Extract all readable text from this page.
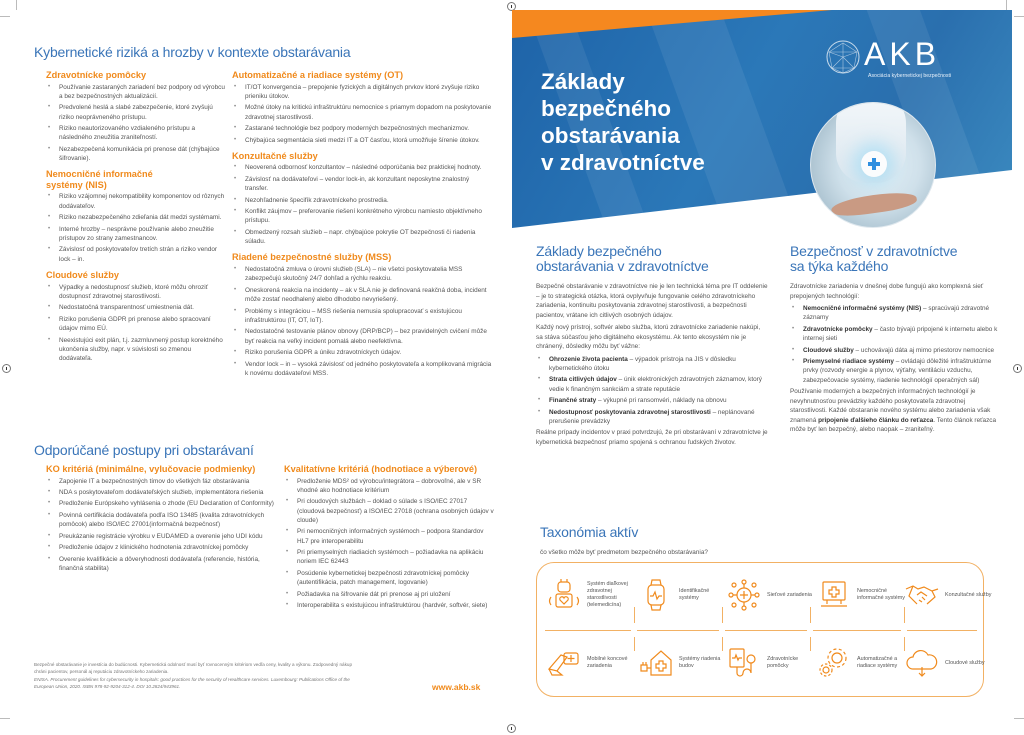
Kybernetické riziká a hrozby v kontexte obstarávania
Zdravotnícke pomôcky
• Používanie zastaraných zariadení bez podpory od výrobcu a bez bezpečnostných aktualizácií.
• Predvolené heslá a slabé zabezpečenie, ktoré zvyšujú riziko neoprávneného prístupu.
• Riziko neautorizovaného vzdialeného prístupu a následného zneužitia zraniteľností.
• Nezabezpečená komunikácia pri prenose dát (chýbajúce šifrovanie).
Nemocničné informačné systémy (NIS)
• Riziko vzájomnej nekompatibility komponentov od rôznych dodávateľov.
• Riziko nezabezpečeného zdieľania dát medzi systémami.
• Interné hrozby – nesprávne používanie alebo zneužitie prístupov zo strany zamestnancov.
• Závislosť od poskytovateľov tretích strán a riziko vendor lock – in.
Cloudové služby
• Výpadky a nedostupnosť služieb, ktoré môžu ohroziť dostupnosť zdravotnej starostlivosti.
• Nedostatočná transparentnosť umiestnenia dát.
• Riziko porušenia GDPR pri prenose alebo spracovaní údajov mimo EÚ.
• Neexistujúci exit plán, t.j. zazmluvnený postup korektného ukončenia služby, napr. v súvislosti so zmenou dodávateľa.
Automatizačné a riadiace systémy (OT)
• IT/OT konvergencia – prepojenie fyzických a digitálnych prvkov ktoré zvyšuje riziko prieniku útokov.
• Možné útoky na kritickú infraštruktúru nemocnice s priamym dopadom na poskytovanie zdravotnej starostlivosti.
• Zastarané technológie bez podpory moderných bezpečnostných mechanizmov.
• Chýbajúca segmentácia sieti medzi IT a OT časťou, ktorá umožňuje šírenie útokov.
Konzultačné služby
• Neoverená odbornosť konzultantov – následné odporúčania bez praktickej hodnoty.
• Závislosť na dodávateľovi – vendor lock-in, ak konzultant neposkytne znalostný transfer.
• Nezohľadnenie špecifík zdravotníckeho prostredia.
• Konflikt záujmov – preferovanie riešení konkrétneho výrobcu namiesto objektívneho prístupu.
• Obmedzený rozsah služieb – napr. chýbajúce pokrytie OT bezpečnosti či riadenia súladu.
Riadené bezpečnostné služby (MSS)
• Nedostatočná zmluva o úrovni služieb (SLA) – nie všetci poskytovatelia MSS zabezpečujú skutočný 24/7 dohľad a rýchlu reakciu.
• Oneskorená reakcia na incidenty – ak v SLA nie je definovaná reakčná doba, incident môže zostať neodhalený alebo dlhodobo nevyriešený.
• Problémy s integráciou – MSS riešenia nemusia spolupracovať s existujúcou infraštruktúrou (IT, OT, IoT).
• Nedostatočné testovanie plánov obnovy (DRP/BCP) – bez pravidelných cvičení môže byť reakcia na veľký incident pomalá alebo neefektívna.
• Riziko porušenia GDPR a úniku zdravotníckych údajov.
• Vendor lock – in – vysoká závislosť od jedného poskytovateľa a komplikovaná migrácia k novému dodávateľovi MSS.
Odporúčané postupy pri obstarávaní
KO kritériá (minimálne, vylučovacie podmienky)
• Zapojenie IT a bezpečnostných tímov do všetkých fáz obstarávania
• NDA s poskytovateľom dodávateľských služieb, implementátora riešenia
• Predloženie Európskeho vyhlásenia o zhode (EU Declaration of Conformity)
• Povinná certifikácia dodávateľa podľa ISO 13485 (kvalita zdravotníckych pomôcok) alebo ISO/IEC 27001(informačná bezpečnosť)
• Preukázanie registrácie výrobku v EUDAMED a overenie jeho UDI kódu
• Predloženie údajov z klinického hodnotenia zdravotníckej pomôcky
• Overenie kvalifikácie a dôveryhodnosti dodávateľa (referencie, história, finančná stabilita)
Kvalitatívne kritériá (hodnotiace a výberové)
• Predloženie MDS² od výrobcu/integrátora – dobrovoľné, ale v SR vhodné ako hodnotiace kritérium
• Pri cloudových službách – doklad o súlade s ISO/IEC 27017 (cloudová bezpečnosť) a ISO/IEC 27018 (ochrana osobných údajov v cloude)
• Pri nemocničných informačných systémoch – podpora štandardov HL7 pre interoperabilitu
• Pri priemyselných riadiacich systémoch – požiadavka na aplikáciu noriem IEC 62443
• Posúdenie kybernetickej bezpečnosti zdravotníckej pomôcky (autentifikácia, patch management, logovanie)
• Požiadavka na šifrovanie dát pri prenose aj pri uložení
• Interoperabilita s existujúcou infraštruktúrou (hardvér, softvér, siete)

Bezpečné obstarávanie je investícia do budúcnosti. Kybernetická odolnosť musí byť rovnocenným kritériom vedľa ceny, kvality a výkonu. Zodpovedný nákup chráni pacientov, personál aj reputáciu zdravotníckeho zariadenia.

ENISA. Procurement guidelines for cybersecurity in hospitals: good practices for the security of Healthcare services. Luxembourg: Publications Office of the European Union, 2020. ISBN 978-92-9204-312-4. DOI 10.2824/943961.	www.akb.sk
Základy
bezpečného
obstarávania
v zdravotníctve
AKB
Asociácia kybernetickej bezpečnosti
Základy bezpečného
obstarávania v zdravotníctve

Bezpečné obstarávanie v zdravotníctve nie je len technická téma pre IT oddelenie – je to strategická otázka, ktorá ovplyvňuje fungovanie celého zdravotníckeho zariadenia, kontinuitu poskytovania zdravotnej starostlivosti, a bezpečnosti pacientov, vrátane ich citlivých osobných údajov.

Každý nový prístroj, softvér alebo služba, ktorú zdravotnícke zariadenie nakúpi, sa stáva súčasťou jeho digitálneho ekosystému. Ak tento ekosystém nie je chránený, dôsledky môžu byť vážne:

• Ohrozenie života pacienta – výpadok prístroja na JIS v dôsledku kybernetického útoku
• Strata citlivých údajov – únik elektronických zdravotných záznamov, ktorý vedie k finančným sankciám a strate reputácie
• Finančné straty – výkupné pri ransomvéri, náklady na obnovu
• Nedostupnosť poskytovania zdravotnej starostlivosti – neplánované prerušenie prevádzky

Reálne prípady incidentov v praxi potvrdzujú, že pri obstarávaní v zdravotníctve je kybernetická bezpečnosť priamo spojená s ochranou ľudských životov.

Bezpečnosť v zdravotníctve
sa týka každého

Zdravotnícke zariadenia v dnešnej dobe fungujú ako komplexná sieť prepojených technológií:

• Nemocničné informačné systémy (NIS) – spracúvajú zdravotné záznamy
• Zdravotnícke pomôcky – často bývajú pripojené k internetu alebo k internej sieti
• Cloudové služby – uchovávajú dáta aj mimo priestorov nemocnice
• Priemyselné riadiace systémy – ovládajú dôležité infraštruktúrne prvky (rozvody energie a plynov, výťahy, ventiláciu vzduchu, zabezpečovacie systémy, riadenie technológií operačných sál)

Používanie moderných a bezpečných informačných technológií je nevyhnutnosťou prevádzky každého poskytovateľa zdravotnej starostlivosti. Každé obstaranie nového systému alebo zariadenia však znamená pripojenie ďalšieho článku do reťazca. Tento článok reťazca môže byť len bezpečný, alebo naopak – zraniteľný.

Taxonómia aktív

čo všetko môže byť predmetom bezpečného obstarávania?

Systém diaľkovej zdravotnej starostlivosti (telemedicína)
Identifikačné systémy
Sieťové zariadenia
Nemocničné informačné systémy
Konzultačné služby
Mobilné koncové zariadenia
Systémy riadenia budov
Zdravotnícke pomôcky
Automatizačné a riadiace systémy
Cloudové služby
